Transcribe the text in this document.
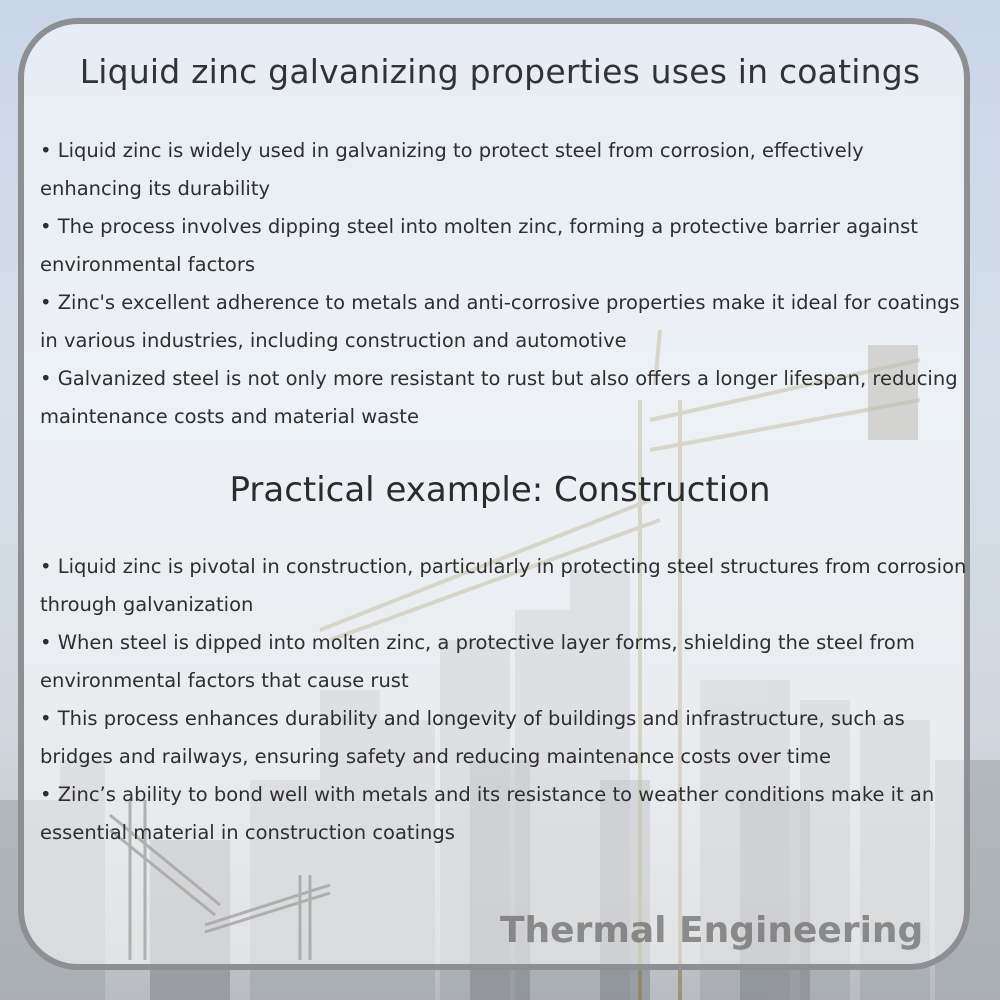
Liquid zinc galvanizing properties uses in coatings
• Liquid zinc is widely used in galvanizing to protect steel from corrosion, effectively enhancing its durability
• The process involves dipping steel into molten zinc, forming a protective barrier against environmental factors
• Zinc's excellent adherence to metals and anti-corrosive properties make it ideal for coatings in various industries, including construction and automotive
• Galvanized steel is not only more resistant to rust but also offers a longer lifespan, reducing maintenance costs and material waste
Practical example: Construction
• Liquid zinc is pivotal in construction, particularly in protecting steel structures from corrosion through galvanization
• When steel is dipped into molten zinc, a protective layer forms, shielding the steel from environmental factors that cause rust
• This process enhances durability and longevity of buildings and infrastructure, such as bridges and railways, ensuring safety and reducing maintenance costs over time
• Zinc’s ability to bond well with metals and its resistance to weather conditions make it an essential material in construction coatings
Thermal Engineering
